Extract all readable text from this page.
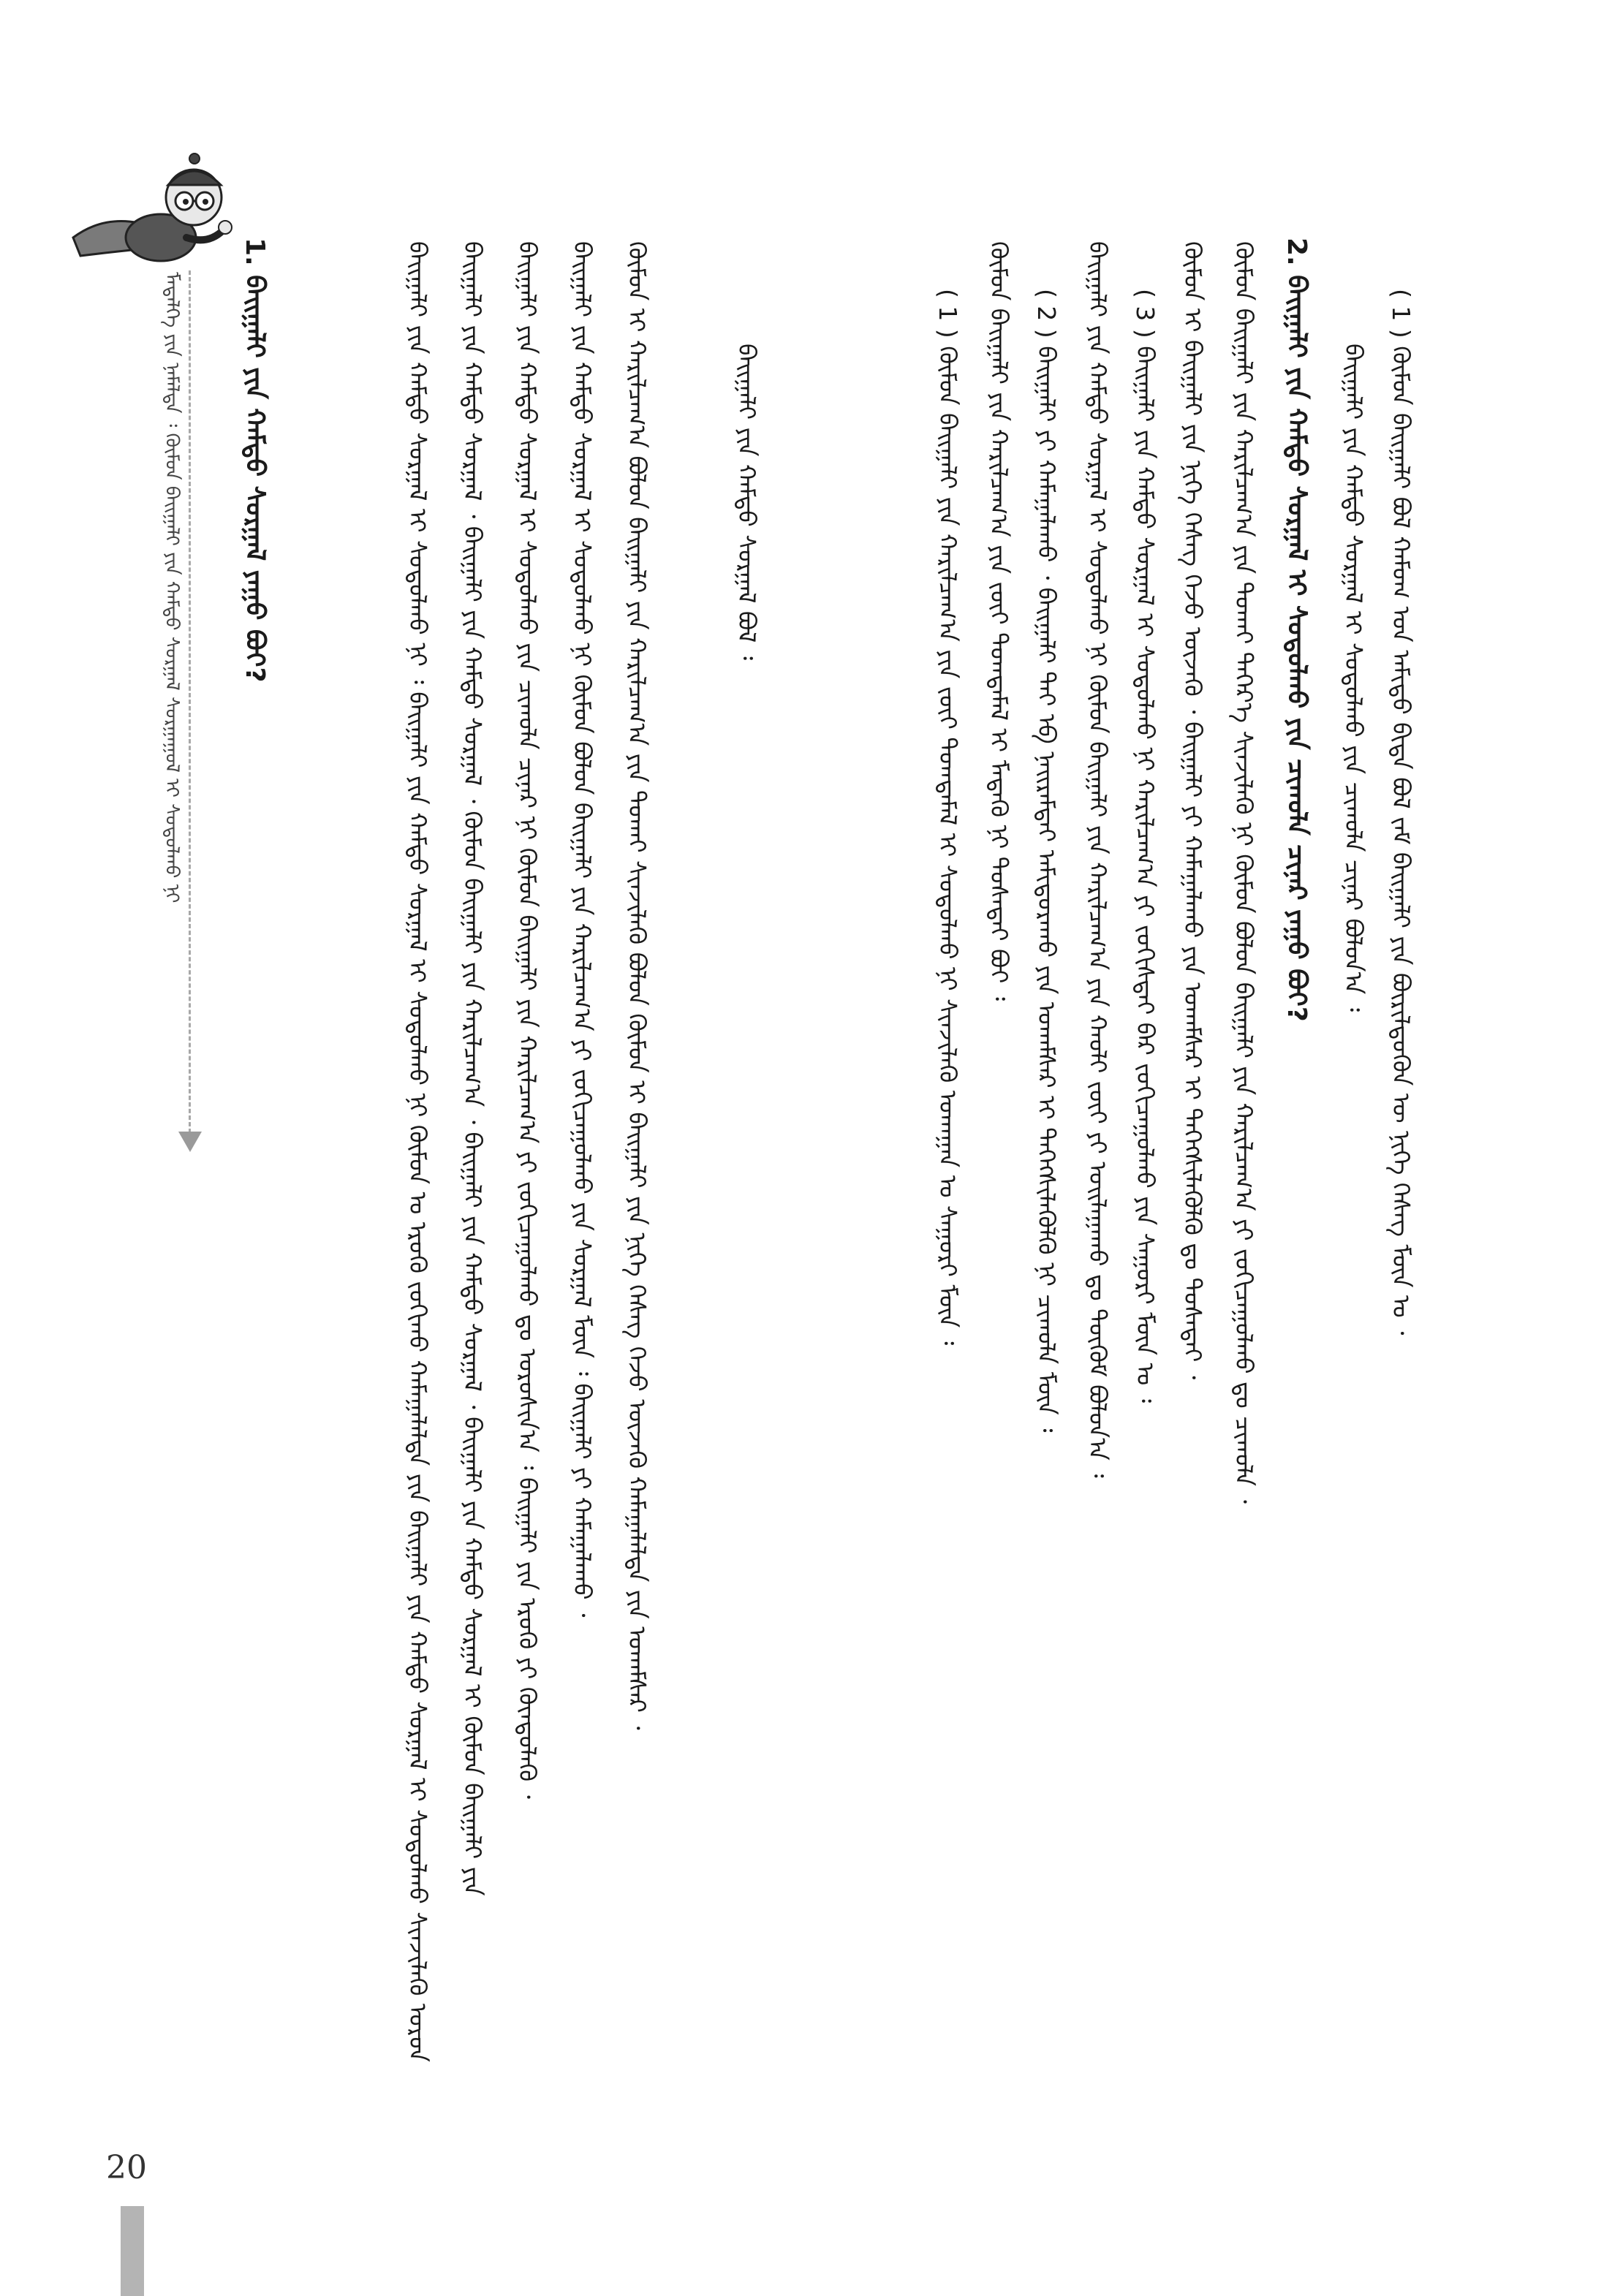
ᠮᠡᠳᠡᠯᠭᠡ ᠶᠢᠨ ᠨᠡᠮᠡᠯᠲᠡ ᠄ ᠬᠦᠮᠦᠨ ᠪᠠᠢᠭᠠᠯᠢ ᠶᠢᠨ ᠬᠠᠮᠲᠤ ᠰᠤᠷᠭᠠᠯ ᠰᠤᠷᠭᠠᠭᠤᠯ ᠢ ᠰᠤᠳᠤᠯᠬᠤ ᠨᠢ	( 1 ) ᠬᠦᠮᠦᠨ ᠪᠠᠢᠭᠠᠯᠢ ᠪᠣᠯ ᠬᠠᠮᠤᠭ ᠤᠨ ᠠᠮᠢᠳᠤ ᠪᠢᠳᠡ ᠪᠣᠯ ᠵᠠᠮ ᠪᠠᠢᠭᠠᠯᠢ ᠶᠢᠨ ᠪᠦᠷᠢᠯᠳᠦᠬᠦᠨ ᠦ ᠨᠢᠭᠡ ᠬᠡᠰᠡᠭ ᠮᠥᠨ ᠤ ᠂
ᠪᠠᠢᠭᠠᠯᠢ ᠶᠢᠨ ᠬᠠᠮᠲᠤ ᠰᠤᠷᠭᠠᠯ ᠢ ᠰᠤᠳᠤᠯᠬᠤ ᠶᠢᠨ ᠴᠢᠬᠤᠯᠠ ᠴᠢᠨᠠᠷ ᠪᠣᠯᠤᠨ᠎ᠠ ᠄
2. ᠪᠠᠢᠭᠠᠯᠢ ᠶᠢᠨ ᠬᠠᠮᠲᠤ ᠰᠤᠷᠭᠠᠯ ᠢ ᠰᠤᠳᠤᠯᠬᠤ ᠶᠢᠨ ᠴᠢᠬᠤᠯᠠ ᠴᠢᠨᠠᠷ ᠶᠠᠭᠤ ᠪᠤᠢ?
ᠬᠦᠮᠦᠨ ᠪᠠᠢᠭᠠᠯᠢ ᠶᠢᠨ ᠬᠠᠷᠢᠯᠴᠠᠭ᠎ᠠ ᠶᠢᠨ ᠲᠤᠬᠠᠢ ᠳᠡᠭᠡᠷ᠎ᠡ ᠰᠢᠨᠵᠢᠯᠡᠬᠦ ᠨᠢ ᠬᠦᠮᠦᠨ ᠪᠣᠯᠤᠨ ᠪᠠᠢᠭᠠᠯᠢ ᠶᠢᠨ ᠬᠠᠷᠢᠯᠴᠠᠭ᠎ᠠ ᠶᠢ ᠵᠣᠬᠢᠴᠠᠭᠤᠯᠬᠤ ᠳᠤ ᠴᠢᠬᠤᠯᠠ ᠂
ᠬᠦᠮᠦᠨ ᠢ ᠪᠠᠢᠭᠠᠯᠢ ᠶᠢᠨ ᠨᠢᠭᠡ ᠬᠡᠰᠡᠭ ᠭᠡᠵᠦ ᠦᠵᠡᠬᠦ ᠂ ᠪᠠᠢᠭᠠᠯᠢ ᠶᠢ ᠬᠠᠮᠠᠭᠠᠯᠠᠬᠤ ᠶᠢᠨ ᠤᠬᠠᠮᠰᠠᠷ ᠢ ᠳᠡᠭᠡᠭᠰᠢᠯᠡᠭᠦᠯᠬᠦ ᠳᠤ ᠲᠤᠰᠠᠲᠠᠢ ᠂
( 3 ) ᠪᠠᠢᠭᠠᠯᠢ ᠶᠢᠨ ᠬᠠᠮᠲᠤ ᠰᠤᠷᠭᠠᠯ ᠢ ᠰᠤᠳᠤᠯᠬᠤ ᠨᠢ ᠬᠠᠷᠢᠯᠴᠠᠭ᠎ᠠ ᠶᠢ ᠵᠣᠬᠢᠰᠲᠠᠢ ᠪᠠᠷ ᠵᠣᠬᠢᠴᠠᠭᠤᠯᠬᠤ ᠶᠢᠨ ᠰᠠᠭᠤᠷᠢ ᠮᠥᠨ ᠤ ᠄
ᠪᠠᠢᠭᠠᠯᠢ ᠶᠢᠨ ᠬᠠᠮᠲᠤ ᠰᠤᠷᠭᠠᠯ ᠢ ᠰᠤᠳᠤᠯᠬᠤ ᠨᠢ ᠬᠦᠮᠦᠨ ᠪᠠᠢᠭᠠᠯᠢ ᠶᠢᠨ ᠬᠠᠷᠢᠯᠴᠠᠭ᠎ᠠ ᠶᠢᠨ ᠬᠠᠤᠯᠢ ᠵᠦᠢ ᠶᠢ ᠣᠢᠯᠠᠭᠠᠬᠤ ᠳᠤ ᠳᠥᠭᠥᠮ ᠪᠣᠯᠤᠨ᠎ᠠ ᠄
( 2 ) ᠪᠠᠢᠭᠠᠯᠢ ᠶᠢ ᠬᠠᠮᠠᠭᠠᠯᠠᠬᠤ ᠂ ᠪᠠᠢᠭᠠᠯᠢ ᠲᠠᠢ ᠡᠪ ᠨᠠᠢᠷᠠᠮᠳᠠᠢ ᠠᠮᠢᠳᠤᠷᠠᠬᠤ ᠶᠢᠨ ᠤᠬᠠᠮᠰᠠᠷ ᠢ ᠳᠡᠭᠡᠭᠰᠢᠯᠡᠭᠦᠯᠬᠦ ᠨᠢ ᠴᠢᠬᠤᠯᠠ ᠮᠥᠨ ᠄
ᠬᠦᠮᠦᠨ ᠪᠠᠢᠭᠠᠯᠢ ᠶᠢᠨ ᠬᠠᠷᠢᠯᠴᠠᠭ᠎ᠠ ᠶᠢᠨ ᠵᠦᠢ ᠲᠣᠭᠲᠠᠮᠠᠯ ᠢ ᠮᠡᠳᠡᠬᠦ ᠨᠢ ᠲᠤᠰᠠᠲᠠᠢ ᠪᠤᠢ ᠄
( 1 ) ᠬᠦᠮᠦᠨ ᠪᠠᠢᠭᠠᠯᠢ ᠶᠢᠨ ᠬᠠᠷᠢᠯᠴᠠᠭ᠎ᠠ ᠶᠢᠨ ᠵᠦᠢ ᠲᠣᠭᠲᠠᠮᠠᠯ ᠢ ᠰᠤᠳᠤᠯᠬᠤ ᠨᠢ ᠰᠢᠨᠵᠢᠯᠡᠬᠦ ᠤᠬᠠᠭᠠᠨ ᠤ ᠰᠠᠭᠤᠷᠢ ᠮᠥᠨ ᠄
ᠪᠠᠢᠭᠠᠯᠢ ᠶᠢᠨ ᠬᠠᠮᠲᠤ ᠰᠤᠷᠭᠠᠯ ᠪᠣᠯ ᠄
ᠬᠦᠮᠦᠨ ᠢ ᠬᠠᠷᠢᠯᠴᠠᠭ᠎ᠠ ᠪᠣᠯᠤᠨ ᠪᠠᠢᠭᠠᠯᠢ ᠶᠢᠨ ᠬᠠᠷᠢᠯᠴᠠᠭ᠎ᠠ ᠶᠢᠨ ᠲᠤᠬᠠᠢ ᠰᠢᠨᠵᠢᠯᠡᠬᠦ ᠪᠣᠯᠤᠨ ᠬᠦᠮᠦᠨ ᠢ ᠪᠠᠢᠭᠠᠯᠢ ᠶᠢᠨ ᠨᠢᠭᠡ ᠬᠡᠰᠡᠭ ᠭᠡᠵᠦ ᠦᠵᠡᠬᠦ ᠬᠠᠮᠠᠭᠠᠯᠠᠯᠲᠠ ᠶᠢᠨ ᠤᠬᠠᠮᠰᠠᠷ ᠂
ᠪᠠᠢᠭᠠᠯᠢ ᠶᠢᠨ ᠬᠠᠮᠲᠤ ᠰᠤᠷᠭᠠᠯ ᠢ ᠰᠤᠳᠤᠯᠬᠤ ᠨᠢ ᠬᠦᠮᠦᠨ ᠪᠣᠯᠤᠨ ᠪᠠᠢᠭᠠᠯᠢ ᠶᠢᠨ ᠬᠠᠷᠢᠯᠴᠠᠭ᠎ᠠ ᠶᠢ ᠵᠣᠬᠢᠴᠠᠭᠤᠯᠬᠤ ᠶᠢᠨ ᠰᠤᠷᠭᠠᠯ ᠮᠥᠨ ᠄ ᠪᠠᠢᠭᠠᠯᠢ ᠶᠢ ᠬᠠᠮᠠᠭᠠᠯᠠᠬᠤ ᠂
ᠪᠠᠢᠭᠠᠯᠢ ᠶᠢᠨ ᠬᠠᠮᠲᠤ ᠰᠤᠷᠭᠠᠯ ᠢ ᠰᠤᠳᠤᠯᠬᠤ ᠶᠢᠨ ᠴᠢᠬᠤᠯᠠ ᠴᠢᠨᠠᠷ ᠨᠢ ᠬᠦᠮᠦᠨ ᠪᠠᠢᠭᠠᠯᠢ ᠶᠢᠨ ᠬᠠᠷᠢᠯᠴᠠᠭ᠎ᠠ ᠶᠢ ᠵᠣᠬᠢᠴᠠᠭᠤᠯᠬᠤ ᠳᠤ ᠣᠷᠤᠰᠢᠨ᠎ᠠ ᠄ ᠪᠠᠢᠭᠠᠯᠢ ᠶᠢᠨ ᠡᠷᠦᠬᠦ ᠶᠢ ᠬᠦᠨᠳᠦᠯᠡᠬᠦ ᠂
ᠪᠠᠢᠭᠠᠯᠢ ᠶᠢᠨ ᠬᠠᠮᠲᠤ ᠰᠤᠷᠭᠠᠯ ᠂ ᠪᠠᠢᠭᠠᠯᠢ ᠶᠢᠨ ᠬᠠᠮᠲᠤ ᠰᠤᠷᠭᠠᠯ ᠂ ᠬᠦᠮᠦᠨ ᠪᠠᠢᠭᠠᠯᠢ ᠶᠢᠨ ᠬᠠᠷᠢᠯᠴᠠᠭ᠎ᠠ ᠂ ᠪᠠᠢᠭᠠᠯᠢ ᠶᠢᠨ ᠬᠠᠮᠲᠤ ᠰᠤᠷᠭᠠᠯ ᠂ ᠪᠠᠢᠭᠠᠯᠢ ᠶᠢᠨ ᠬᠠᠮᠲᠤ ᠰᠤᠷᠭᠠᠯ ᠢ ᠬᠦᠮᠦᠨ ᠪᠠᠢᠭᠠᠯᠢ ᠶᠢᠨ
ᠪᠠᠢᠭᠠᠯᠢ ᠶᠢᠨ ᠬᠠᠮᠲᠤ ᠰᠤᠷᠭᠠᠯ ᠢ ᠰᠤᠳᠤᠯᠬᠤ ᠨᠢ ᠄ ᠪᠠᠢᠭᠠᠯᠢ ᠶᠢᠨ ᠬᠠᠮᠲᠤ ᠰᠤᠷᠭᠠᠯ ᠢ ᠰᠤᠳᠤᠯᠬᠤ ᠨᠢ ᠬᠦᠮᠦᠨ ᠤ ᠡᠷᠦᠬᠦ ᠵᠣᠬᠢᠬᠤ ᠬᠠᠮᠠᠭᠠᠯᠠᠯᠲᠠ ᠶᠢᠨ ᠪᠠᠢᠭᠠᠯᠢ ᠶᠢᠨ ᠬᠠᠮᠲᠤ ᠰᠤᠷᠭᠠᠯ ᠢ ᠰᠤᠳᠤᠯᠬᠤ ᠰᠢᠨᠵᠢᠯᠡᠬᠦ ᠣᠷᠣᠨ
1. ᠪᠠᠢᠭᠠᠯᠢ ᠶᠢᠨ ᠬᠠᠮᠲᠤ ᠰᠤᠷᠭᠠᠯ ᠶᠠᠭᠤ ᠪᠤᠢ?
20
